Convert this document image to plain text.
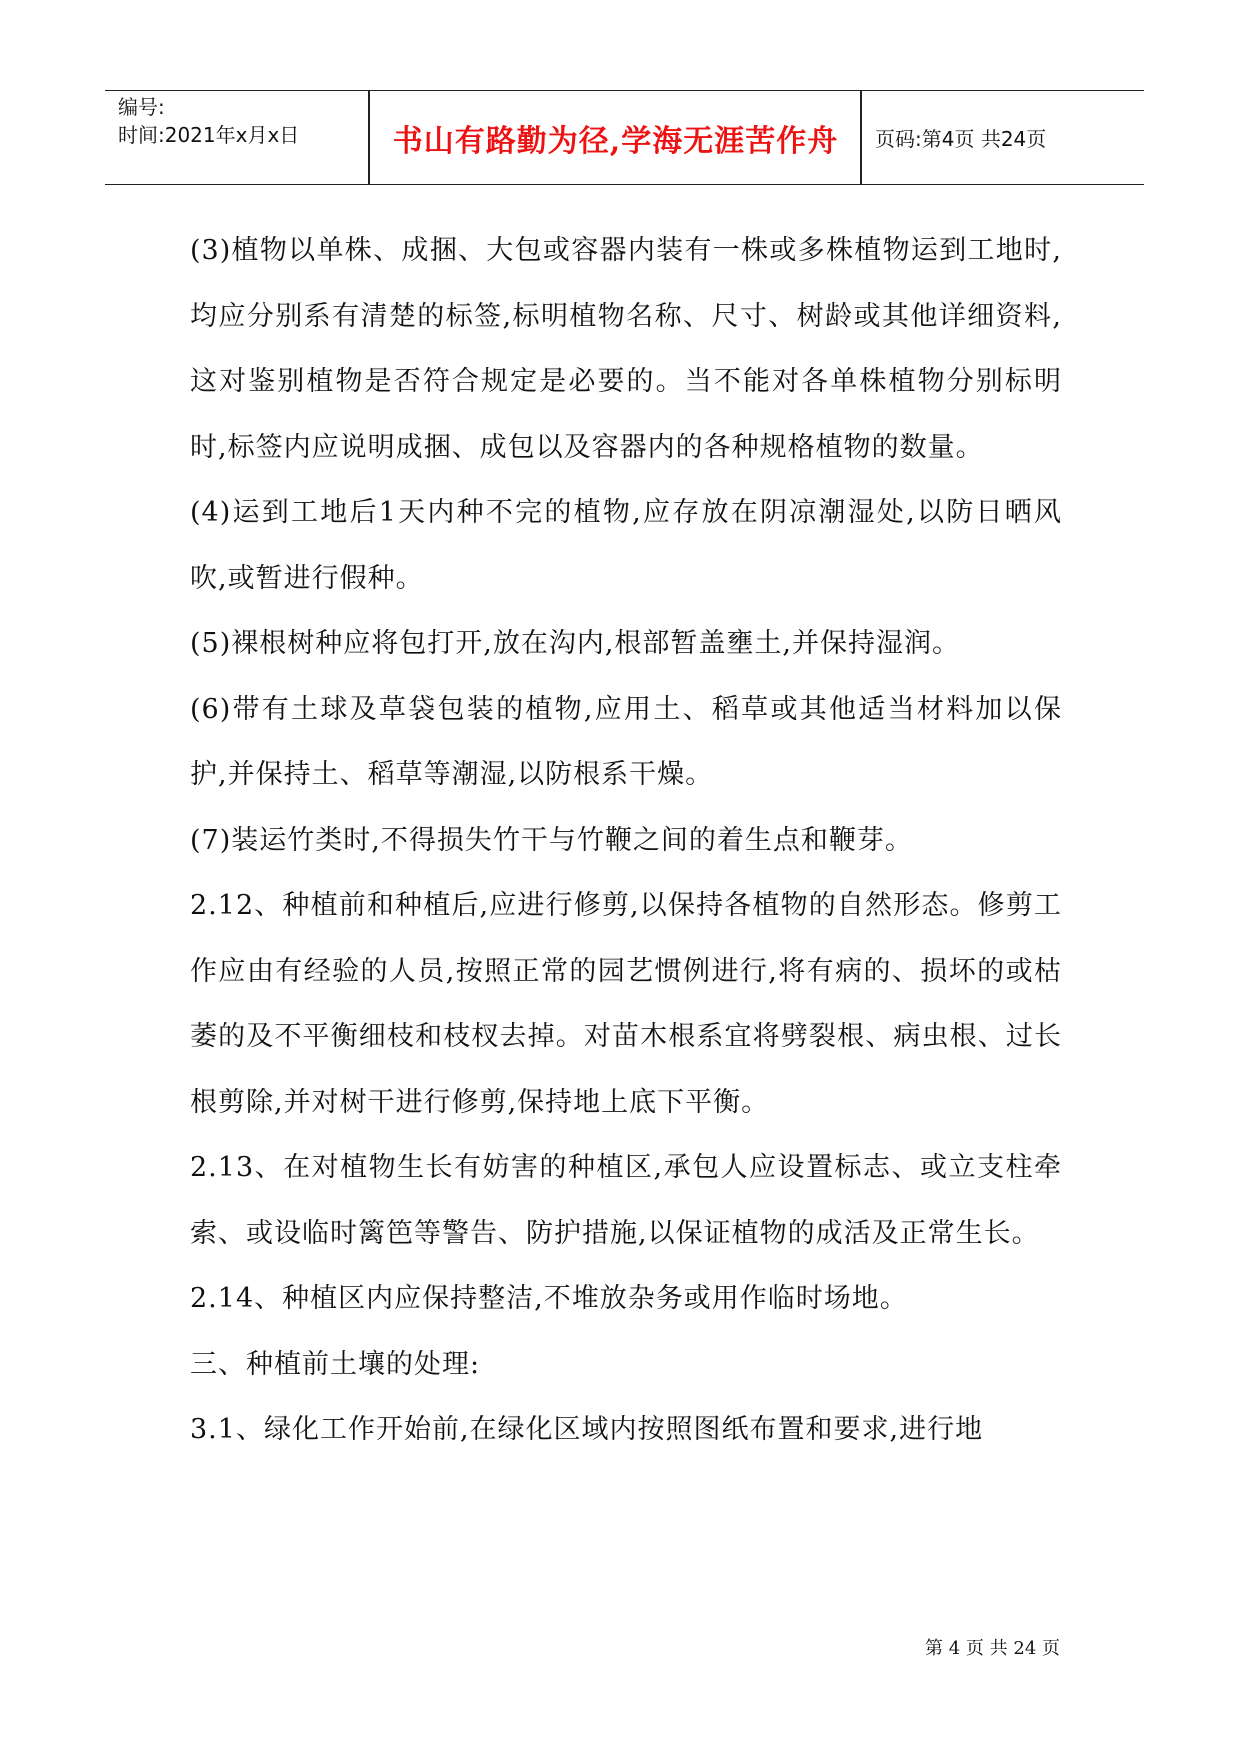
编号:
时间:2021年x月x日	书山有路勤为径,学海无涯苦作舟	页码:第4页 共24页

(3)植物以单株、成捆、大包或容器内装有一株或多株植物运到工地时,均应分别系有清楚的标签,标明植物名称、尺寸、树龄或其他详细资料,这对鉴别植物是否符合规定是必要的。当不能对各单株植物分别标明时,标签内应说明成捆、成包以及容器内的各种规格植物的数量。

(4)运到工地后1天内种不完的植物,应存放在阴凉潮湿处,以防日晒风吹,或暂进行假种。

(5)裸根树种应将包打开,放在沟内,根部暂盖壅土,并保持湿润。

(6)带有土球及草袋包装的植物,应用土、稻草或其他适当材料加以保护,并保持土、稻草等潮湿,以防根系干燥。

(7)装运竹类时,不得损失竹干与竹鞭之间的着生点和鞭芽。

2.12、种植前和种植后,应进行修剪,以保持各植物的自然形态。修剪工作应由有经验的人员,按照正常的园艺惯例进行,将有病的、损坏的或枯萎的及不平衡细枝和枝杈去掉。对苗木根系宜将劈裂根、病虫根、过长根剪除,并对树干进行修剪,保持地上底下平衡。

2.13、在对植物生长有妨害的种植区,承包人应设置标志、或立支柱牵索、或设临时篱笆等警告、防护措施,以保证植物的成活及正常生长。

2.14、种植区内应保持整洁,不堆放杂务或用作临时场地。

三、种植前土壤的处理:

3.1、绿化工作开始前,在绿化区域内按照图纸布置和要求,进行地

第 4 页 共 24 页
